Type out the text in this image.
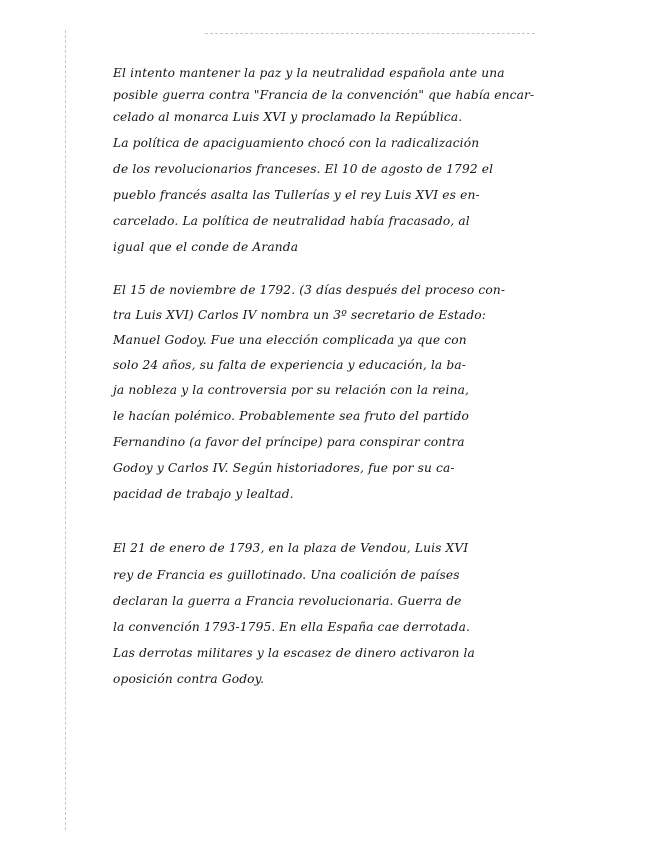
El intento mantener la paz y la neutralidad española ante una

posible guerra contra "Francia de la convención" que había encar-

celado al monarca Luis XVI y proclamado la República.

La política de apaciguamiento chocó con la radicalización

de los revolucionarios franceses. El 10 de agosto de 1792 el

pueblo francés asalta las Tullerías y el rey Luis XVI es en-

carcelado. La política de neutralidad había fracasado, al

igual que el conde de Aranda

El 15 de noviembre de 1792. (3 días después del proceso con-

tra Luis XVI) Carlos IV nombra un 3º secretario de Estado:

Manuel Godoy. Fue una elección complicada ya que con

solo 24 años, su falta de experiencia y educación, la ba-

ja nobleza y la controversia por su relación con la reina,

le hacían polémico. Probablemente sea fruto del partido

Fernandino (a favor del príncipe) para conspirar contra

Godoy y Carlos IV. Según historiadores, fue por su ca-

pacidad de trabajo y lealtad.

El 21 de enero de 1793, en la plaza de Vendou, Luis XVI

rey de Francia es guillotinado. Una coalición de países

declaran la guerra a Francia revolucionaria. Guerra de

la convención 1793-1795. En ella España cae derrotada.

Las derrotas militares y la escasez de dinero activaron la

oposición contra Godoy.
